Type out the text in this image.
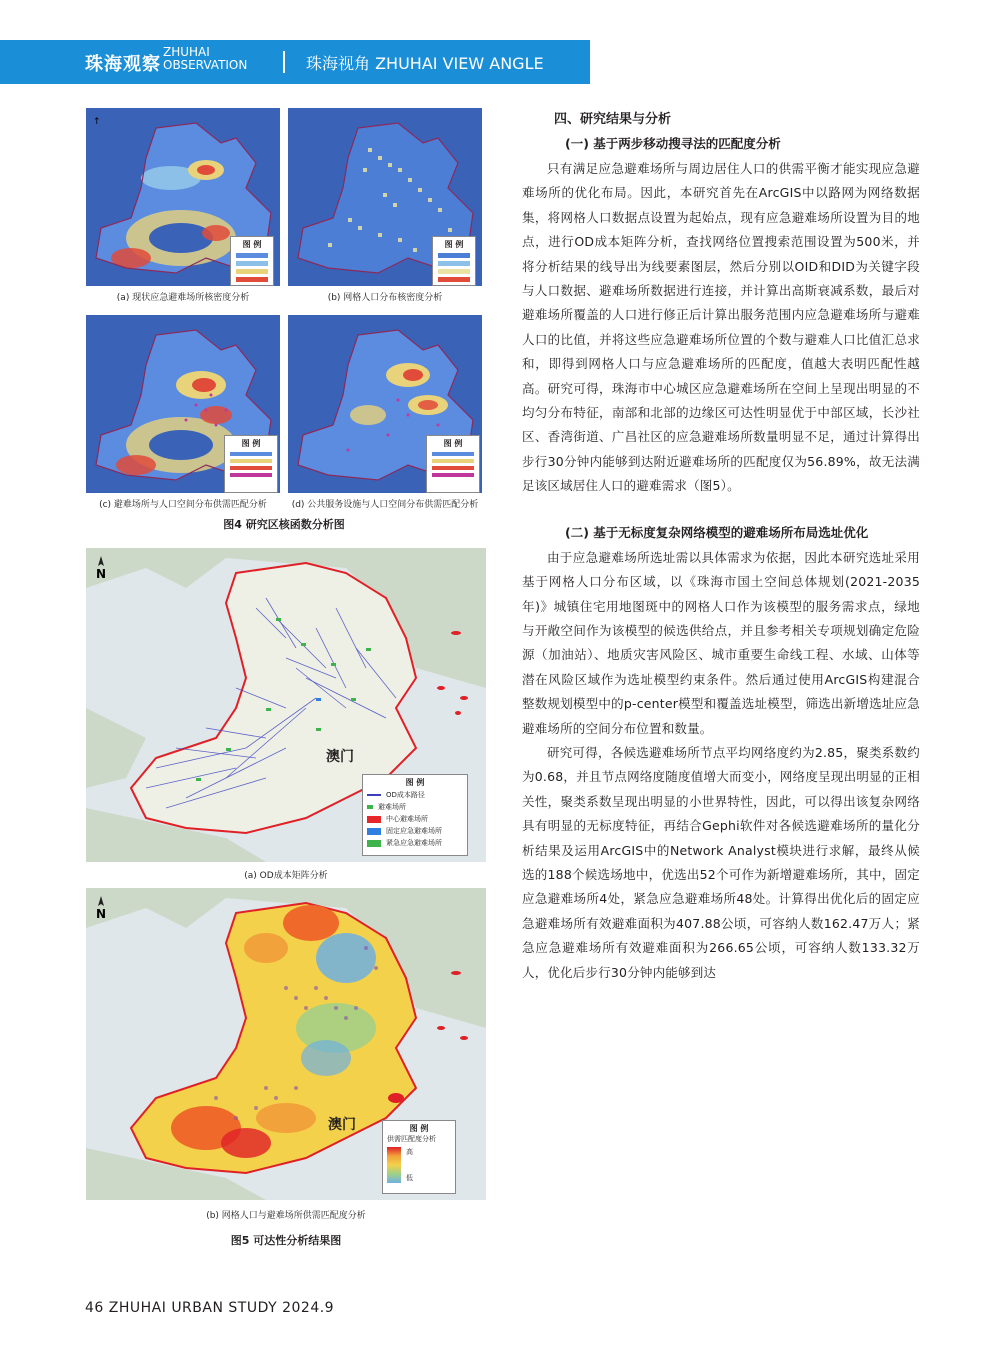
珠海观察
ZHUHAI
OBSERVATION	珠海视角 ZHUHAI VIEW ANGLE
↑
图 例
(a) 现状应急避难场所核密度分析
图 例
(b) 网格人口分布核密度分析
图 例
(c) 避难场所与人口空间分布供需匹配分析
图 例
(d) 公共服务设施与人口空间分布供需匹配分析
图4 研究区核函数分析图
N
澳门
图 例
OD成本路径
避难场所
中心避难场所
固定应急避难场所
紧急应急避难场所
(a) OD成本矩阵分析
N
澳门	图 例
供需匹配度分析
高
低
(b) 网格人口与避难场所供需匹配度分析
图5 可达性分析结果图
四、研究结果与分析
(一) 基于两步移动搜寻法的匹配度分析

只有满足应急避难场所与周边居住人口的供需平衡才能实现应急避难场所的优化布局。因此，本研究首先在ArcGIS中以路网为网络数据集，将网格人口数据点设置为起始点，现有应急避难场所设置为目的地点，进行OD成本矩阵分析，查找网络位置搜索范围设置为500米，并将分析结果的线导出为线要素图层，然后分别以OID和DID为关键字段与人口数据、避难场所数据进行连接，并计算出高斯衰减系数，最后对避难场所覆盖的人口进行修正后计算出服务范围内应急避难场所与避难人口的比值，并将这些应急避难场所位置的个数与避难人口比值汇总求和，即得到网格人口与应急避难场所的匹配度，值越大表明匹配性越高。研究可得，珠海市中心城区应急避难场所在空间上呈现出明显的不均匀分布特征，南部和北部的边缘区可达性明显优于中部区域，长沙社区、香湾街道、广昌社区的应急避难场所数量明显不足，通过计算得出步行30分钟内能够到达附近避难场所的匹配度仅为56.89%，故无法满足该区域居住人口的避难需求（图5）。

(二) 基于无标度复杂网络模型的避难场所布局选址优化

由于应急避难场所选址需以具体需求为依据，因此本研究选址采用基于网格人口分布区域，以《珠海市国土空间总体规划(2021-2035年)》城镇住宅用地图斑中的网格人口作为该模型的服务需求点，绿地与开敞空间作为该模型的候选供给点，并且参考相关专项规划确定危险源（加油站）、地质灾害风险区、城市重要生命线工程、水域、山体等潜在风险区域作为选址模型约束条件。然后通过使用ArcGIS构建混合整数规划模型中的p-center模型和覆盖选址模型，筛选出新增选址应急避难场所的空间分布位置和数量。

研究可得，各候选避难场所节点平均网络度约为2.85，聚类系数约为0.68，并且节点网络度随度值增大而变小，网络度呈现出明显的正相关性，聚类系数呈现出明显的小世界特性，因此，可以得出该复杂网络具有明显的无标度特征，再结合Gephi软件对各候选避难场所的量化分析结果及运用ArcGIS中的Network Analyst模块进行求解，最终从候选的188个候选场地中，优选出52个可作为新增避难场所，其中，固定应急避难场所4处，紧急应急避难场所48处。计算得出优化后的固定应急避难场所有效避难面积为407.88公顷，可容纳人数162.47万人；紧急应急避难场所有效避难面积为266.65公顷，可容纳人数133.32万人，优化后步行30分钟内能够到达

46 ZHUHAI URBAN STUDY 2024.9
